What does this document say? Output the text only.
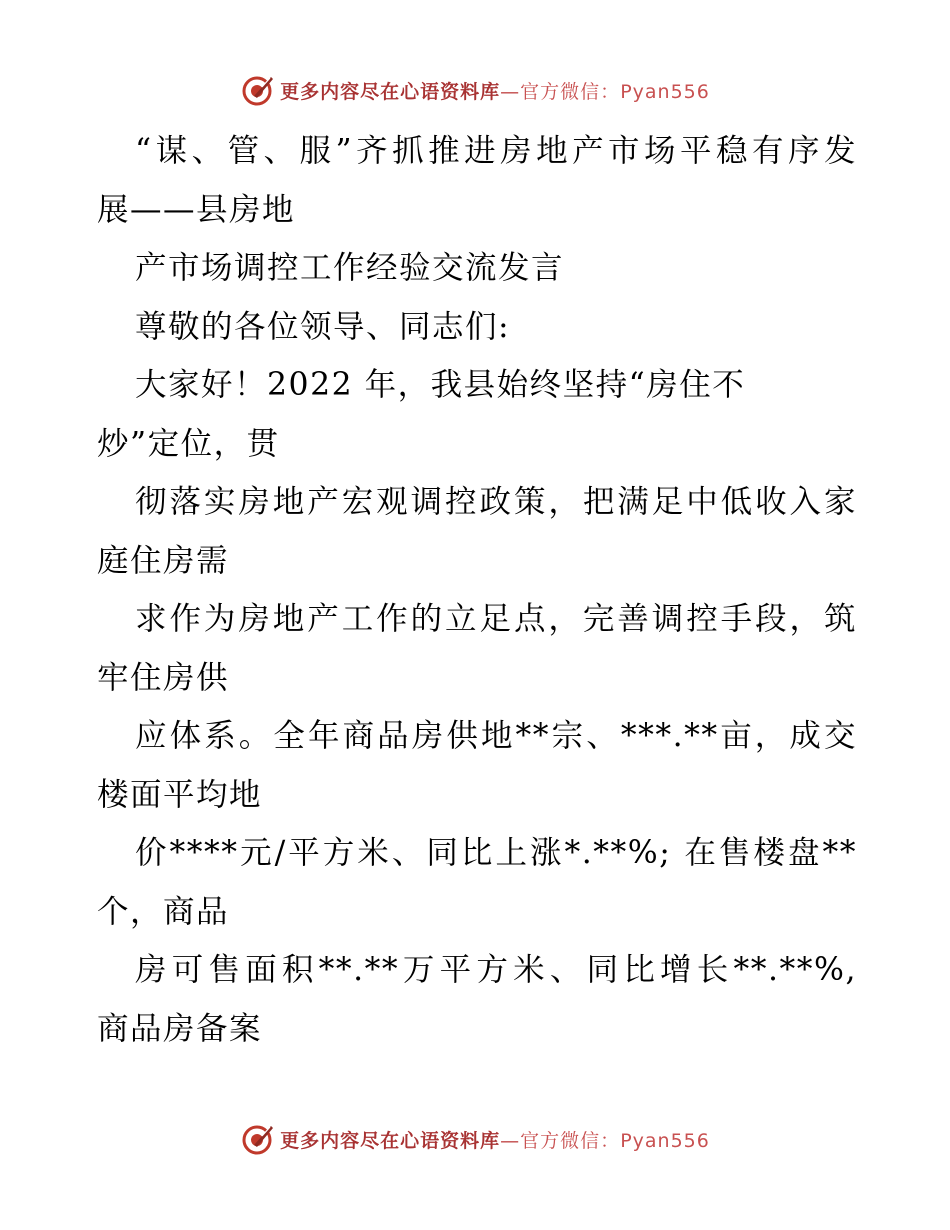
更多内容尽在心语资料库—官方微信：Pyan556
“谋、管、服”齐抓推进房地产市场平稳有序发
展——县房地
产市场调控工作经验交流发言
尊敬的各位领导、同志们:
大家好！2022 年，我县始终坚持“房住不
炒”定位，贯
彻落实房地产宏观调控政策，把满足中低收入家
庭住房需
求作为房地产工作的立足点，完善调控手段，筑
牢住房供
应体系。全年商品房供地**宗、***.**亩，成交
楼面平均地
价****元/平方米、同比上涨*.**%; 在售楼盘**
个，商品
房可售面积**.**万平方米、同比增长**.**%,
商品房备案
更多内容尽在心语资料库—官方微信：Pyan556
